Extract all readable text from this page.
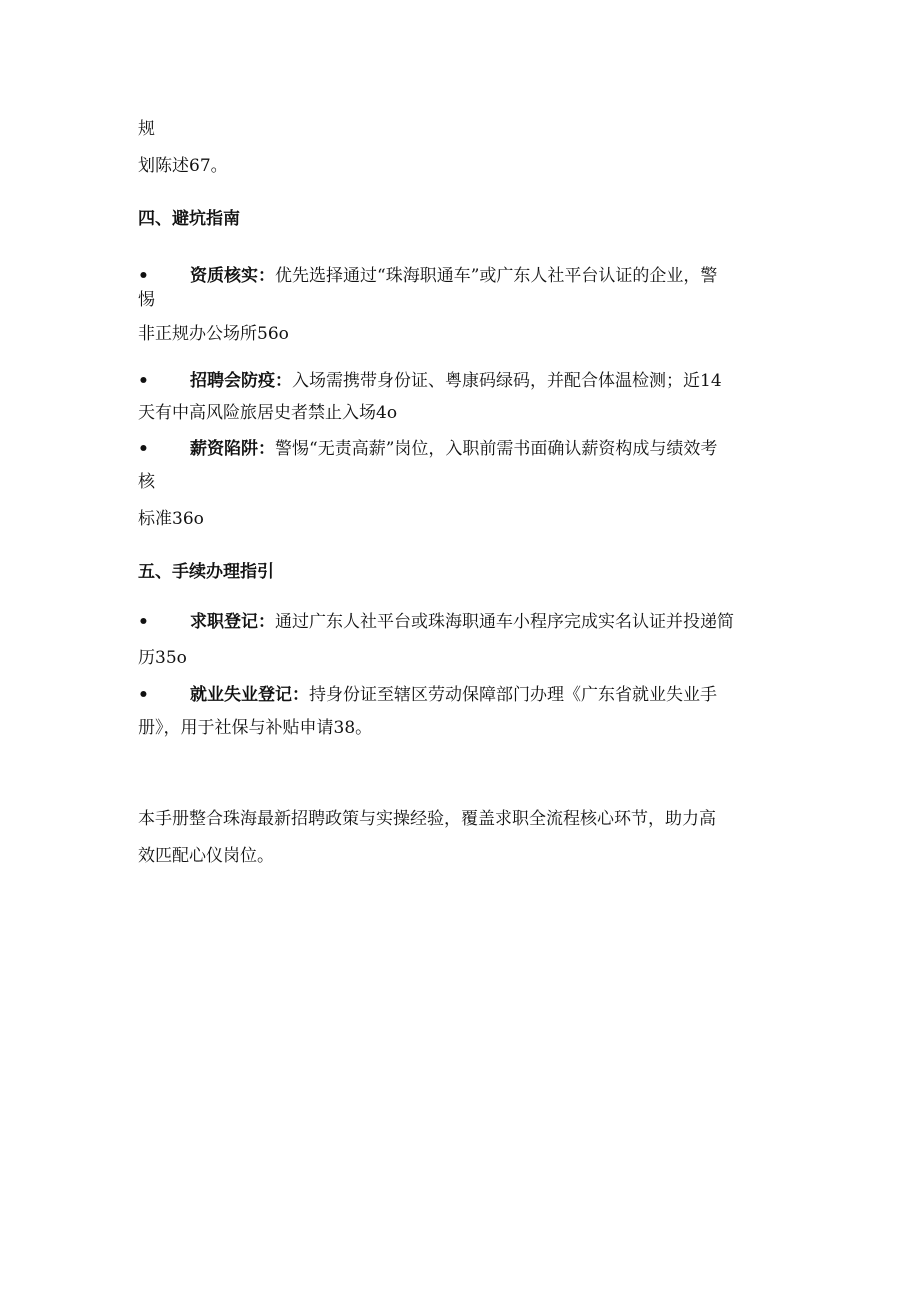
规
划陈述67。
四、避坑指南
• 资质核实：优先选择通过“珠海职通车”或广东人社平台认证的企业，警
惕
非正规办公场所56o
• 招聘会防疫：入场需携带身份证、粤康码绿码，并配合体温检测；近14
天有中高风险旅居史者禁止入场4o
• 薪资陷阱：警惕“无责高薪”岗位，入职前需书面确认薪资构成与绩效考
核
标准36o
五、手续办理指引
• 求职登记：通过广东人社平台或珠海职通车小程序完成实名认证并投递简
历35o
• 就业失业登记：持身份证至辖区劳动保障部门办理《广东省就业失业手
册》，用于社保与补贴申请38。
本手册整合珠海最新招聘政策与实操经验，覆盖求职全流程核心环节，助力高
效匹配心仪岗位。
